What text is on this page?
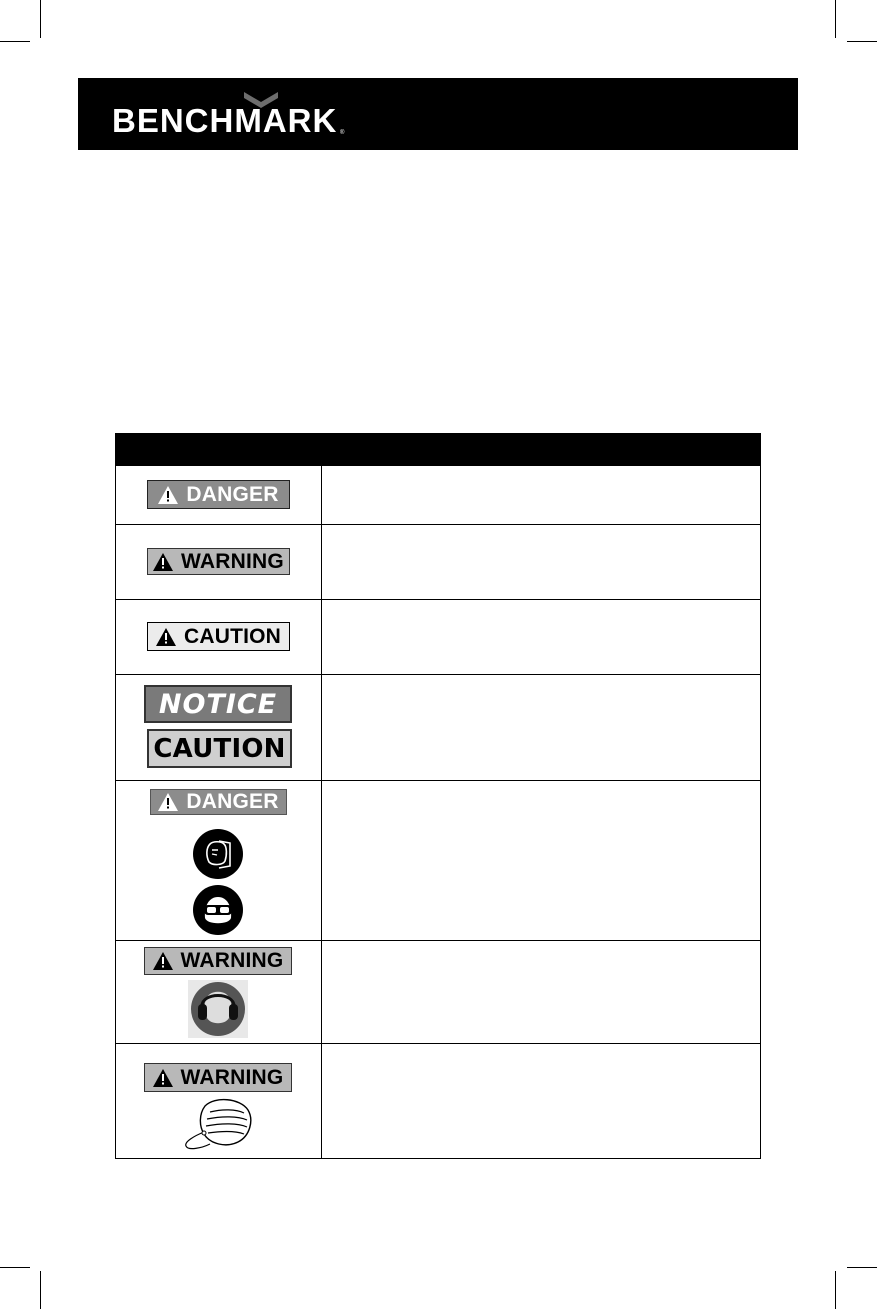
BENCHMARK ®
DANGER
WARNING
CAUTION
NOTICE
CAUTION
DANGER
WARNING
WARNING
